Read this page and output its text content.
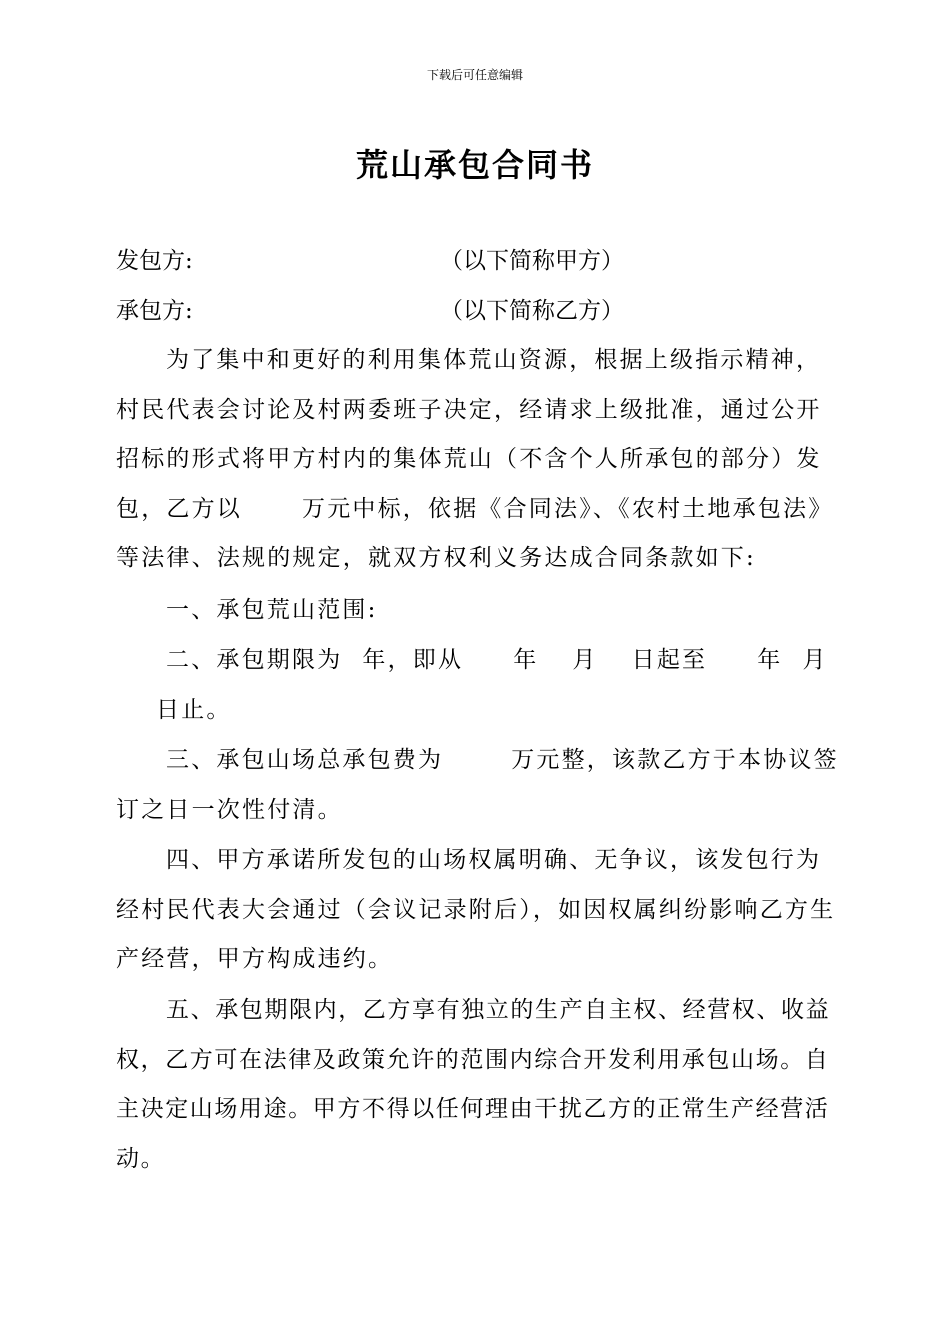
下载后可任意编辑
荒山承包合同书
发包方:	（以下简称甲方）
承包方:	（以下简称乙方）
为了集中和更好的利用集体荒山资源，根据上级指示精神，村民代表会讨论及村两委班子决定，经请求上级批准，通过公开招标的形式将甲方村内的集体荒山（不含个人所承包的部分）发包，乙方以	万元中标，依据《合同法》、《农村土地承包法》等法律、法规的规定，就双方权利义务达成合同条款如下:
一、承包荒山范围:
二、承包期限为 年，即从 年 月 日起至 年 月日止。
三、承包山场总承包费为	万元整，该款乙方于本协议签订之日一次性付清。
四、甲方承诺所发包的山场权属明确、无争议，该发包行为经村民代表大会通过（会议记录附后），如因权属纠纷影响乙方生产经营，甲方构成违约。
五、承包期限内，乙方享有独立的生产自主权、经营权、收益权，乙方可在法律及政策允许的范围内综合开发利用承包山场。自主决定山场用途。甲方不得以任何理由干扰乙方的正常生产经营活动。
